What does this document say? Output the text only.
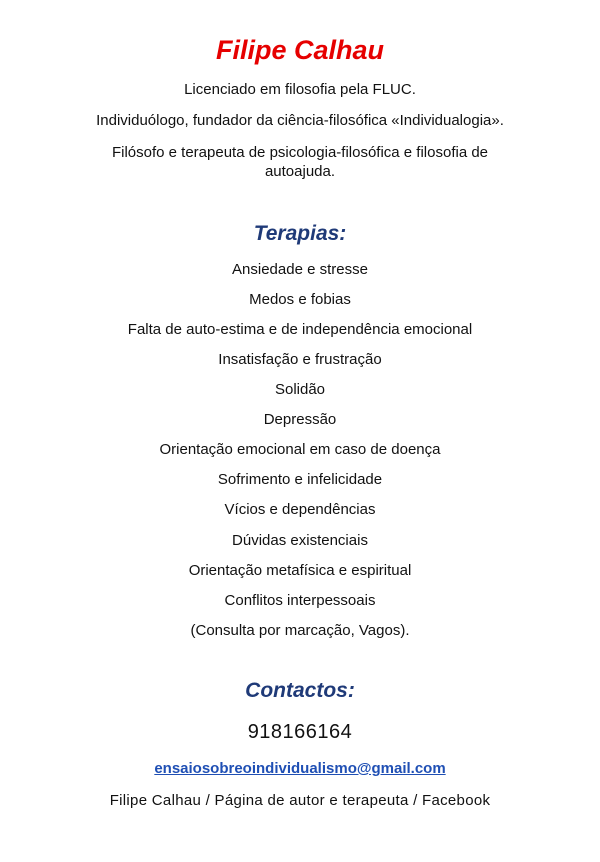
Filipe Calhau
Licenciado em filosofia pela FLUC.
Individuólogo, fundador da ciência-filosófica «Individualogia».
Filósofo e terapeuta de psicologia-filosófica e filosofia de
autoajuda.
Terapias:
Ansiedade e stresse
Medos e fobias
Falta de auto-estima e de independência emocional
Insatisfação e frustração
Solidão
Depressão
Orientação emocional em caso de doença
Sofrimento e infelicidade
Vícios e dependências
Dúvidas existenciais
Orientação metafísica e espiritual
Conflitos interpessoais
(Consulta por marcação, Vagos).
Contactos:
918166164
ensaiosobreoindividualismo@gmail.com
Filipe Calhau / Página de autor e terapeuta / Facebook
